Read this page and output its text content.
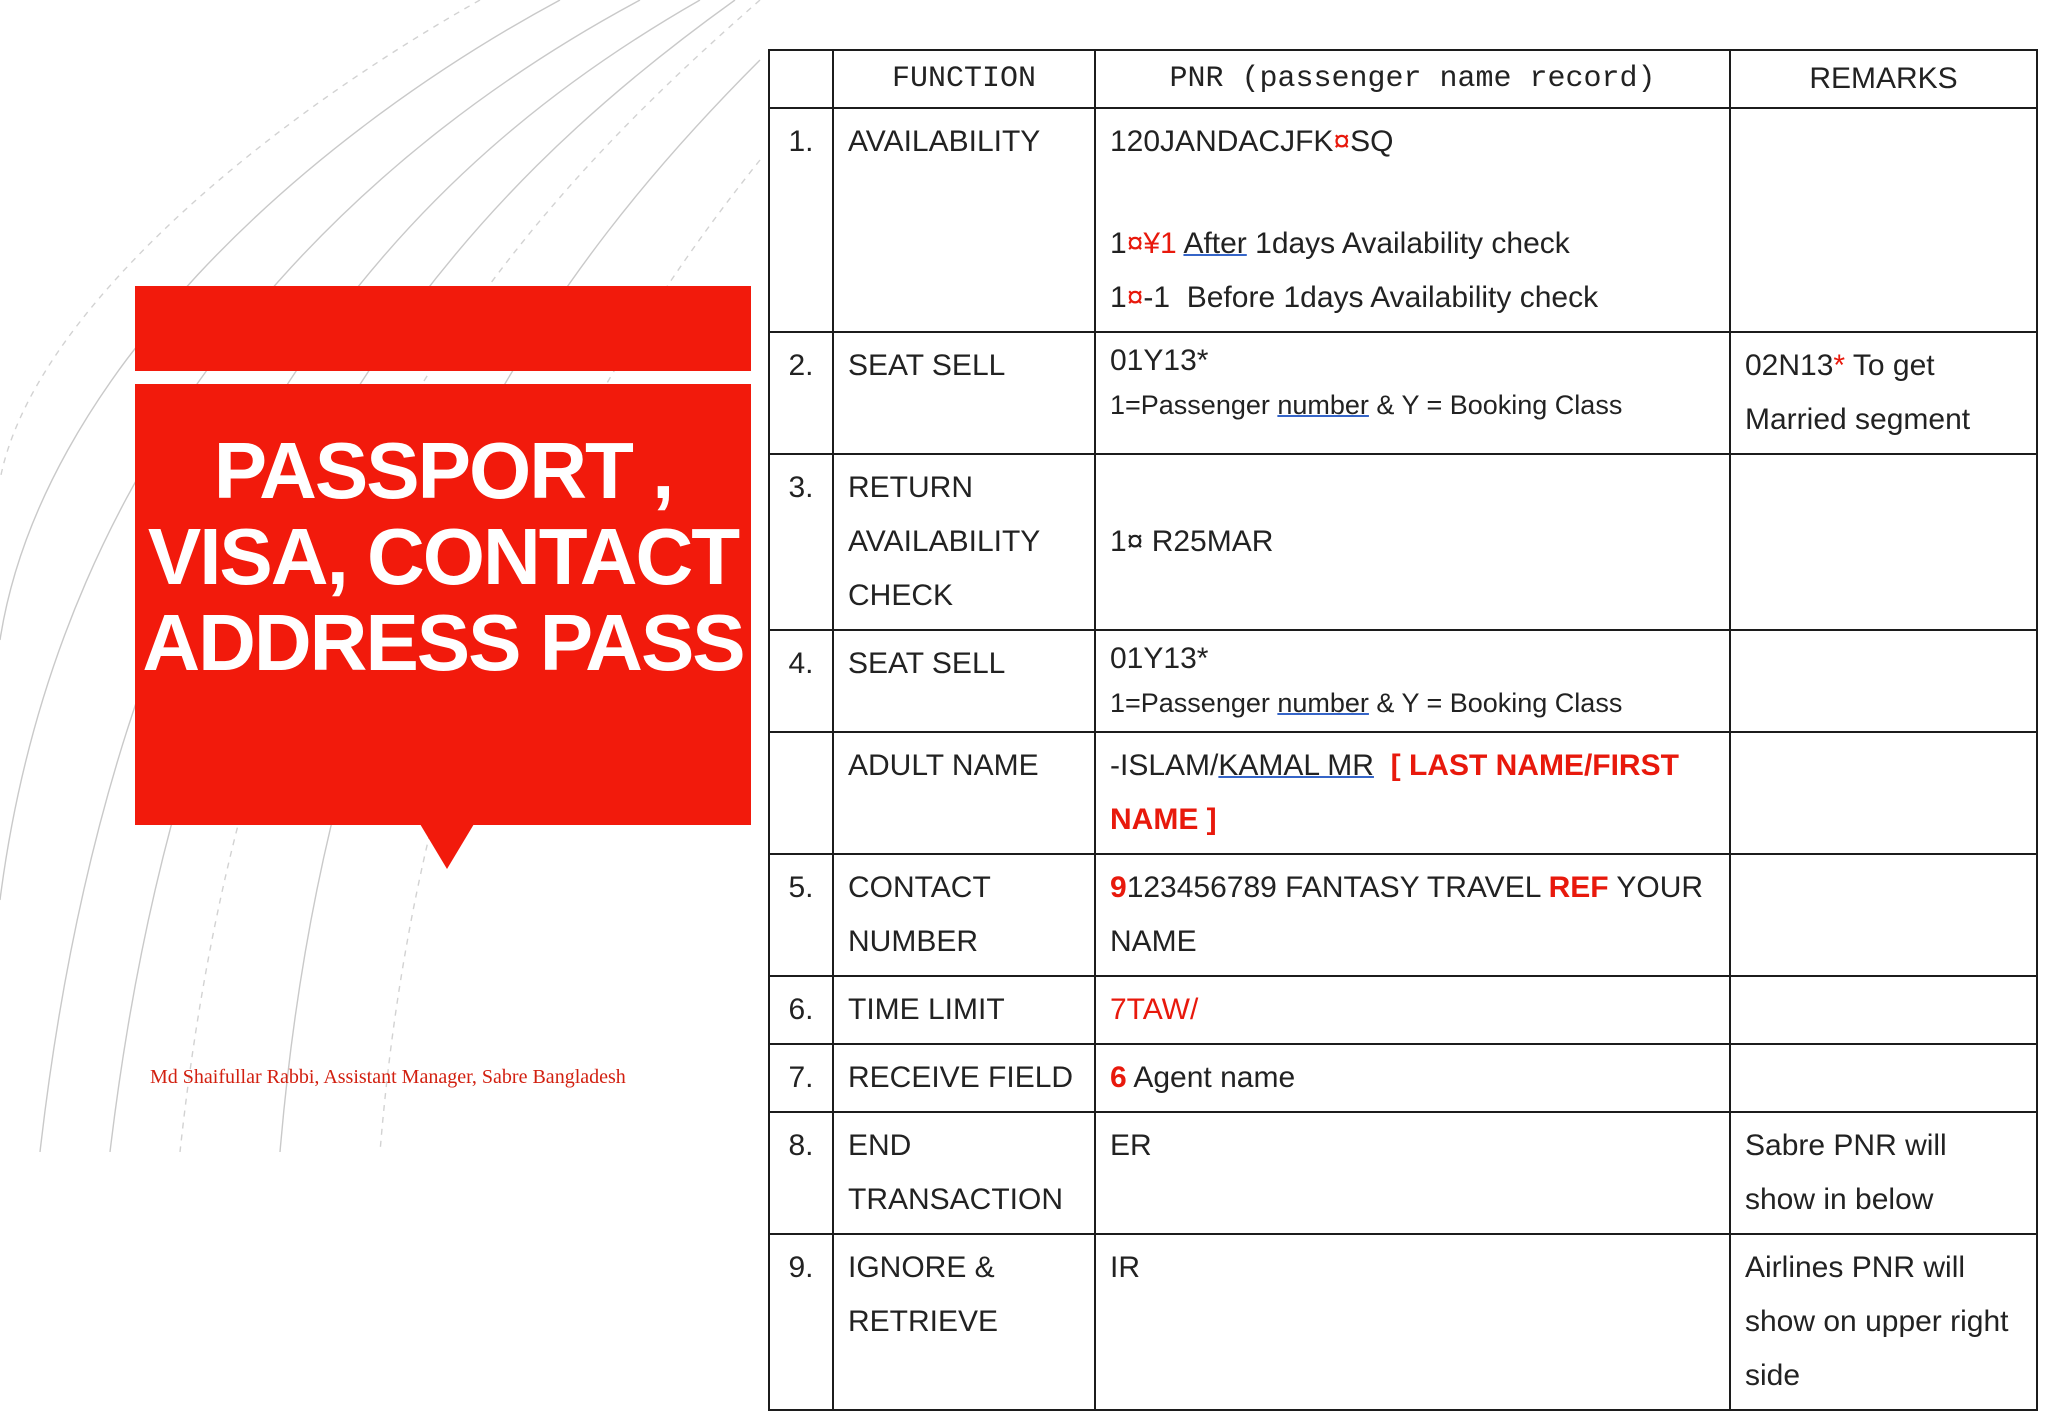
PASSPORT ,
VISA, CONTACT
ADDRESS PASS
Md Shaifullar Rabbi, Assistant Manager, Sabre Bangladesh
	FUNCTION	PNR (passenger name record)	REMARKS
1.	AVAILABILITY	120JANDACJFK¤SQ
1¤¥1 After 1days Availability check
1¤-1 Before 1days Availability check	

2.	SEAT SELL	01Y13*
1=Passenger number & Y = Booking Class	02N13* To get Married segment
3.	RETURN AVAILABILITY CHECK	1¤ R25MAR	

4.	SEAT SELL	01Y13*
1=Passenger number & Y = Booking Class	

	ADULT NAME	-ISLAM/KAMAL MR [ LAST NAME/FIRST NAME ]	
5.	CONTACT NUMBER	9123456789 FANTASY TRAVEL REF YOUR NAME	
6.	TIME LIMIT	7TAW/	
7.	RECEIVE FIELD	6 Agent name	
8.	END TRANSACTION	ER	Sabre PNR will show in below
9.	IGNORE & RETRIEVE	IR	Airlines PNR will show on upper right side
